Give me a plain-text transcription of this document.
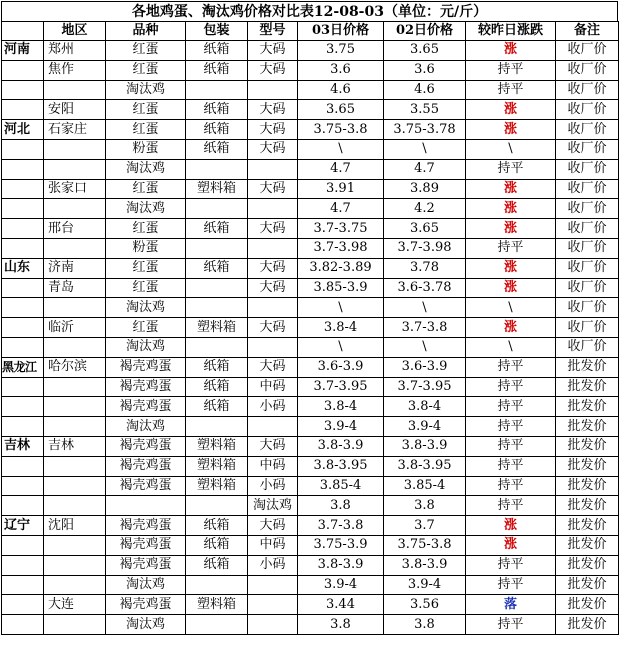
各地鸡蛋、淘汰鸡价格对比表12-08-03（单位：元/斤）
	地区	品种	包装	型号	03日价格	02日价格	较昨日涨跌	备注
河南	郑州	红蛋	纸箱	大码	3.75	3.65	涨	收厂价
	焦作	红蛋	纸箱	大码	3.6	3.6	持平	收厂价
		淘汰鸡			4.6	4.6	持平	收厂价
	安阳	红蛋	纸箱	大码	3.65	3.55	涨	收厂价
河北	石家庄	红蛋	纸箱	大码	3.75-3.8	3.75-3.78	涨	收厂价
		粉蛋	纸箱	大码	\	\	\	收厂价
		淘汰鸡			4.7	4.7	持平	收厂价
	张家口	红蛋	塑料箱	大码	3.91	3.89	涨	收厂价
		淘汰鸡			4.7	4.2	涨	收厂价
	邢台	红蛋	纸箱	大码	3.7-3.75	3.65	涨	收厂价
		粉蛋			3.7-3.98	3.7-3.98	持平	收厂价
山东	济南	红蛋	纸箱	大码	3.82-3.89	3.78	涨	收厂价
	青岛	红蛋		大码	3.85-3.9	3.6-3.78	涨	收厂价
		淘汰鸡			\	\	\	收厂价
	临沂	红蛋	塑料箱	大码	3.8-4	3.7-3.8	涨	收厂价
		淘汰鸡			\	\	\	收厂价
黑龙江	哈尔滨	褐壳鸡蛋	纸箱	大码	3.6-3.9	3.6-3.9	持平	批发价
		褐壳鸡蛋	纸箱	中码	3.7-3.95	3.7-3.95	持平	批发价
		褐壳鸡蛋	纸箱	小码	3.8-4	3.8-4	持平	批发价
		淘汰鸡			3.9-4	3.9-4	持平	批发价
吉林	吉林	褐壳鸡蛋	塑料箱	大码	3.8-3.9	3.8-3.9	持平	批发价
		褐壳鸡蛋	塑料箱	中码	3.8-3.95	3.8-3.95	持平	批发价
		褐壳鸡蛋	塑料箱	小码	3.85-4	3.85-4	持平	批发价
				淘汰鸡	3.8	3.8	持平	批发价
辽宁	沈阳	褐壳鸡蛋	纸箱	大码	3.7-3.8	3.7	涨	批发价
		褐壳鸡蛋	纸箱	中码	3.75-3.9	3.75-3.8	涨	批发价
		褐壳鸡蛋	纸箱	小码	3.8-3.9	3.8-3.9	持平	批发价
		淘汰鸡			3.9-4	3.9-4	持平	批发价
	大连	褐壳鸡蛋	塑料箱		3.44	3.56	落	批发价
		淘汰鸡			3.8	3.8	持平	批发价
